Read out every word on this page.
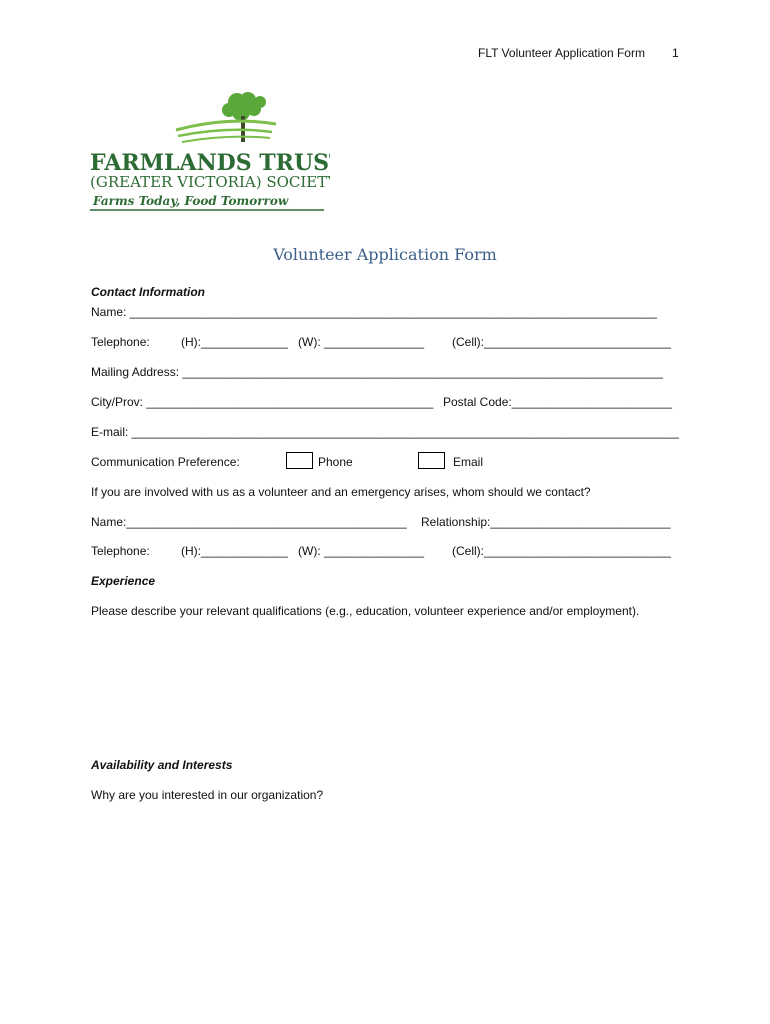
FLT Volunteer Application Form 1
FARMLANDS TRUST
(GREATER VICTORIA) SOCIETY
Farms Today, Food Tomorrow
Volunteer Application Form
Contact Information
Name: _______________________________________________________________________________
Telephone:	(H):_____________ (W): _______________ (Cell):____________________________
Mailing Address: ________________________________________________________________________
City/Prov: ___________________________________________ Postal Code:________________________
E-mail: __________________________________________________________________________________
Communication Preference:	Phone	Email
If you are involved with us as a volunteer and an emergency arises, whom should we contact?
Name:__________________________________________ Relationship:___________________________
Telephone:	(H):_____________ (W): _______________ (Cell):____________________________
Experience
Please describe your relevant qualifications (e.g., education, volunteer experience and/or employment).
Availability and Interests
Why are you interested in our organization?
